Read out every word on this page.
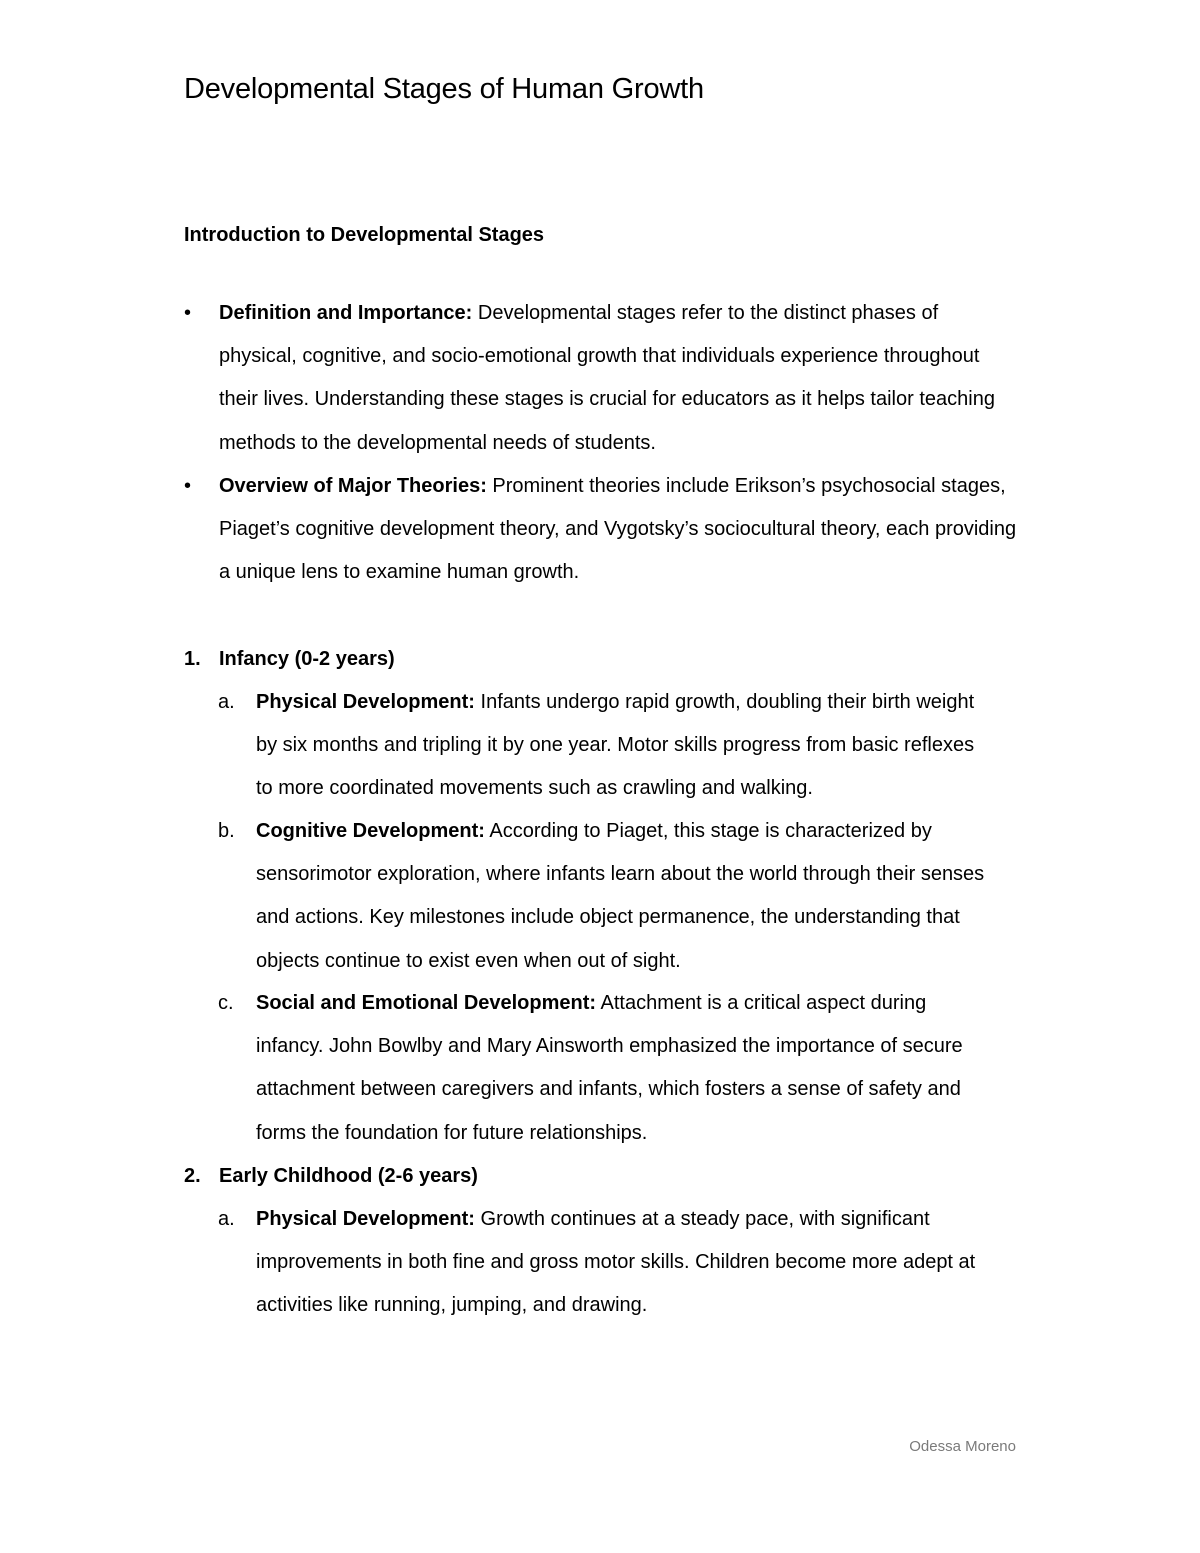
Developmental Stages of Human Growth
Introduction to Developmental Stages
• Definition and Importance: Developmental stages refer to the distinct phases of physical, cognitive, and socio-emotional growth that individuals experience throughout their lives. Understanding these stages is crucial for educators as it helps tailor teaching methods to the developmental needs of students.
• Overview of Major Theories: Prominent theories include Erikson’s psychosocial stages, Piaget’s cognitive development theory, and Vygotsky’s sociocultural theory, each providing a unique lens to examine human growth.
1. Infancy (0-2 years)
a. Physical Development: Infants undergo rapid growth, doubling their birth weight by six months and tripling it by one year. Motor skills progress from basic reflexes to more coordinated movements such as crawling and walking.
b. Cognitive Development: According to Piaget, this stage is characterized by sensorimotor exploration, where infants learn about the world through their senses and actions. Key milestones include object permanence, the understanding that objects continue to exist even when out of sight.
c. Social and Emotional Development: Attachment is a critical aspect during infancy. John Bowlby and Mary Ainsworth emphasized the importance of secure attachment between caregivers and infants, which fosters a sense of safety and forms the foundation for future relationships.
2. Early Childhood (2-6 years)
a. Physical Development: Growth continues at a steady pace, with significant improvements in both fine and gross motor skills. Children become more adept at activities like running, jumping, and drawing.
Odessa Moreno
